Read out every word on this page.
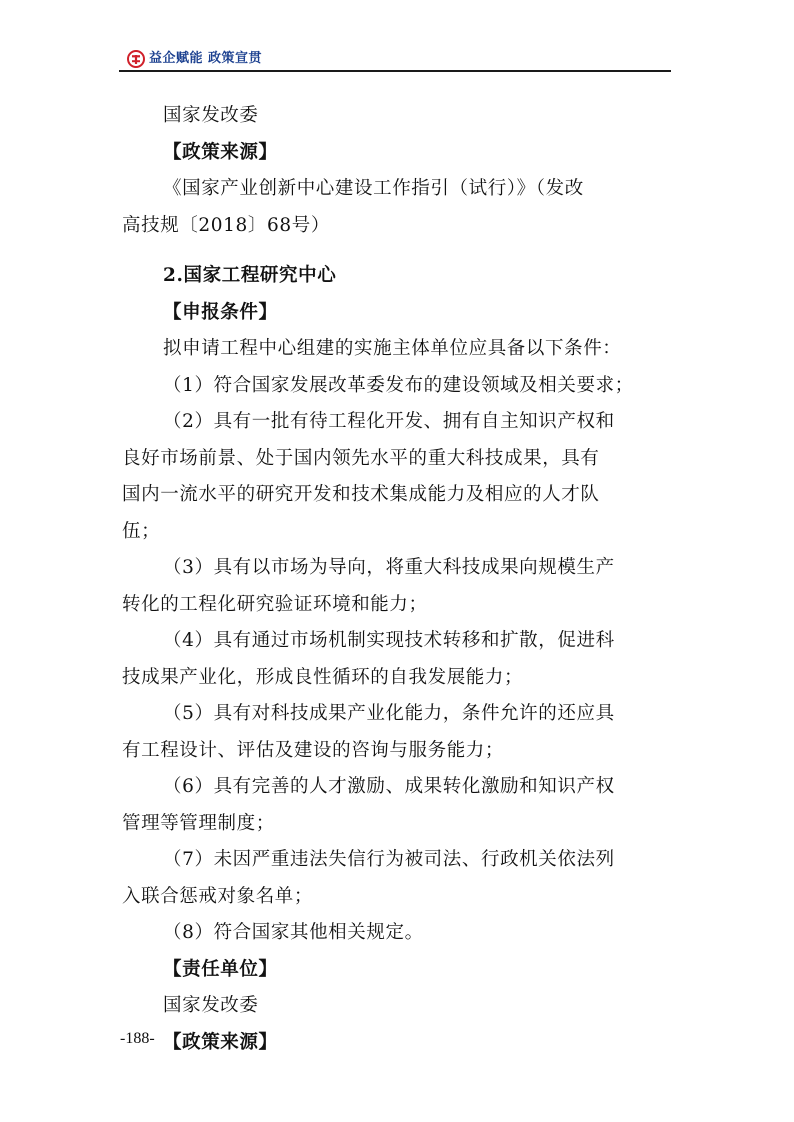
益企赋能 政策宣贯
国家发改委
【政策来源】
《国家产业创新中心建设工作指引（试行）》（发改
高技规〔2018〕68号）
2.国家工程研究中心
【申报条件】
拟申请工程中心组建的实施主体单位应具备以下条件：
（1）符合国家发展改革委发布的建设领域及相关要求；
（2）具有一批有待工程化开发、拥有自主知识产权和
良好市场前景、处于国内领先水平的重大科技成果，具有
国内一流水平的研究开发和技术集成能力及相应的人才队
伍；
（3）具有以市场为导向，将重大科技成果向规模生产
转化的工程化研究验证环境和能力；
（4）具有通过市场机制实现技术转移和扩散，促进科
技成果产业化，形成良性循环的自我发展能力；
（5）具有对科技成果产业化能力，条件允许的还应具
有工程设计、评估及建设的咨询与服务能力；
（6）具有完善的人才激励、成果转化激励和知识产权
管理等管理制度；
（7）未因严重违法失信行为被司法、行政机关依法列
入联合惩戒对象名单；
（8）符合国家其他相关规定。
【责任单位】
国家发改委
【政策来源】
-188-
